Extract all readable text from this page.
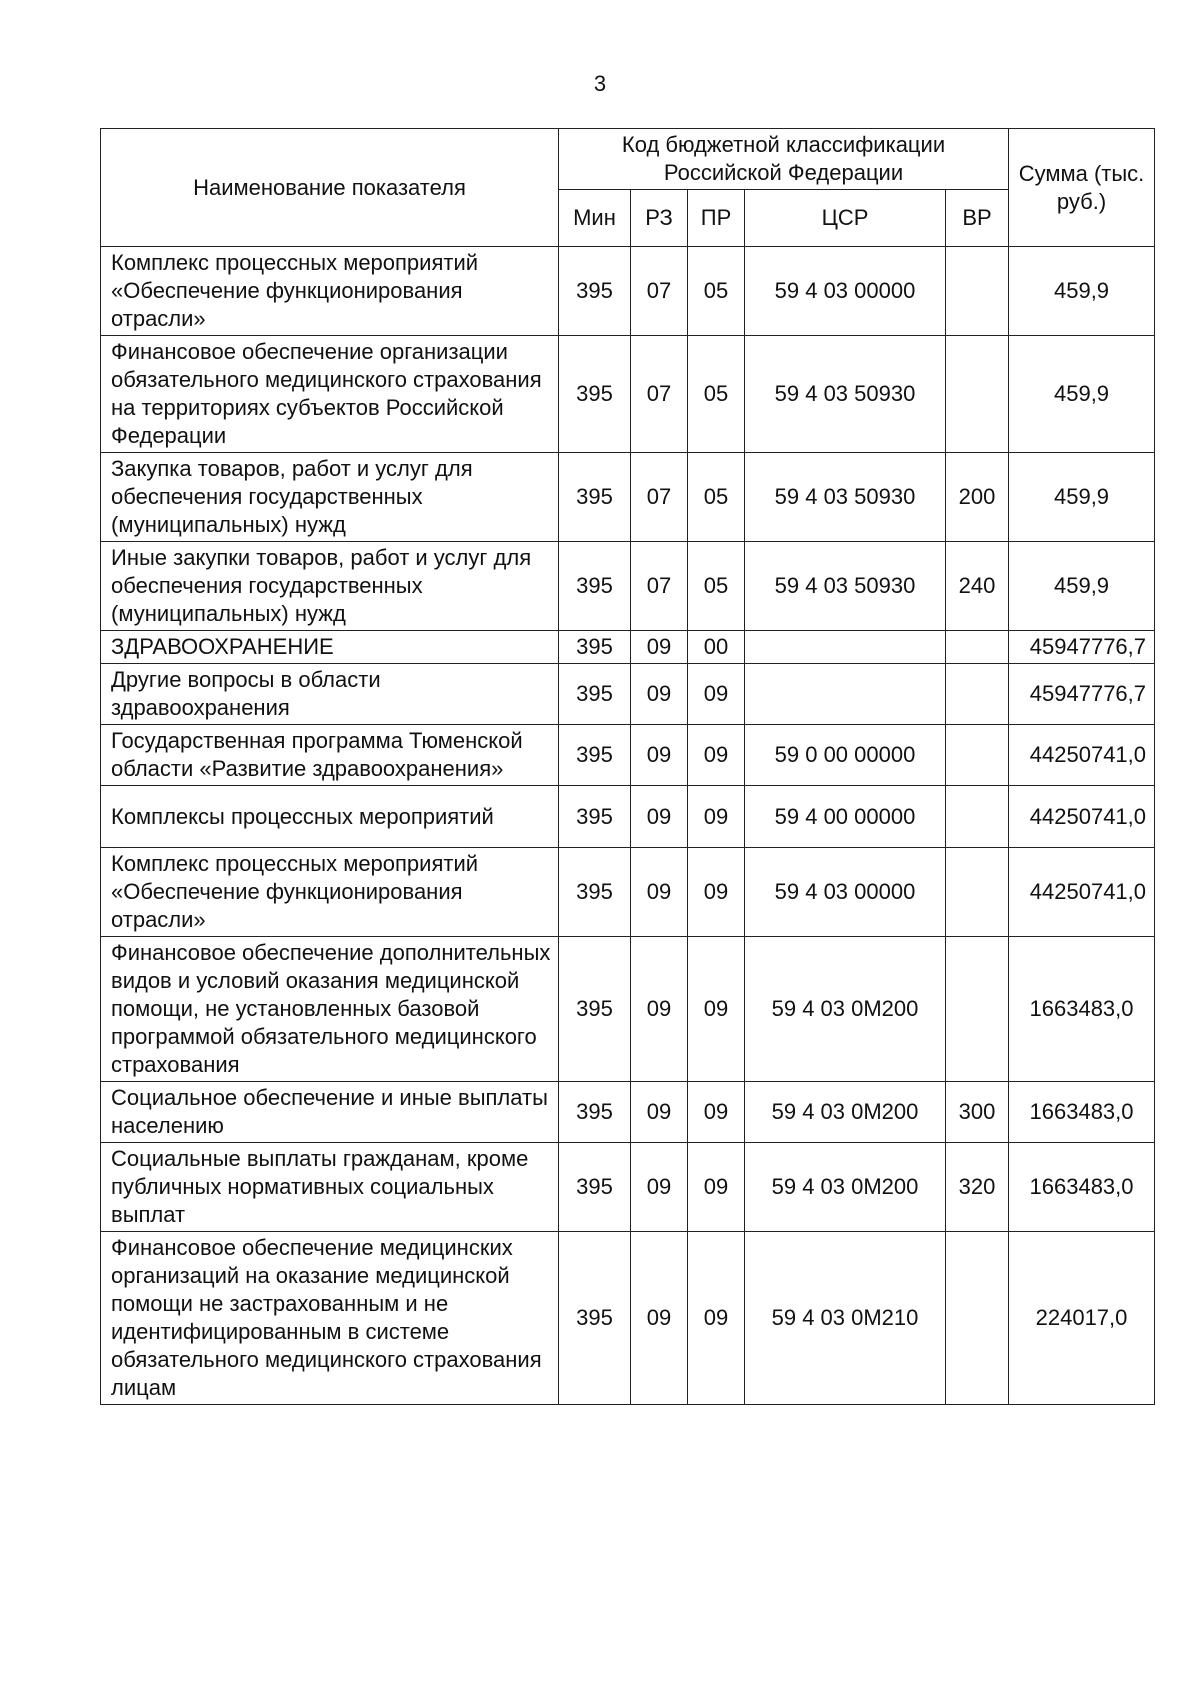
3
Наименование показателя	Код бюджетной классификации Российской Федерации					Сумма (тыс. руб.)
	Мин	РЗ	ПР	ЦСР	ВР	
Комплекс процессных мероприятий «Обеспечение функционирования отрасли»	395	07	05	59 4 03 00000		459,9
Финансовое обеспечение организации обязательного медицинского страхования на территориях субъектов Российской Федерации	395	07	05	59 4 03 50930		459,9
Закупка товаров, работ и услуг для обеспечения государственных (муниципальных) нужд	395	07	05	59 4 03 50930	200	459,9
Иные закупки товаров, работ и услуг для обеспечения государственных (муниципальных) нужд	395	07	05	59 4 03 50930	240	459,9
ЗДРАВООХРАНЕНИЕ	395	09	00			45947776,7
Другие вопросы в области здравоохранения	395	09	09			45947776,7
Государственная программа Тюменской области «Развитие здравоохранения»	395	09	09	59 0 00 00000		44250741,0
Комплексы процессных мероприятий	395	09	09	59 4 00 00000		44250741,0
Комплекс процессных мероприятий «Обеспечение функционирования отрасли»	395	09	09	59 4 03 00000		44250741,0
Финансовое обеспечение дополнительных видов и условий оказания медицинской помощи, не установленных базовой программой обязательного медицинского страхования	395	09	09	59 4 03 0М200		1663483,0
Социальное обеспечение и иные выплаты населению	395	09	09	59 4 03 0М200	300	1663483,0
Социальные выплаты гражданам, кроме публичных нормативных социальных выплат	395	09	09	59 4 03 0М200	320	1663483,0
Финансовое обеспечение медицинских организаций на оказание медицинской помощи не застрахованным и не идентифицированным в системе обязательного медицинского страхования лицам	395	09	09	59 4 03 0М210		224017,0
